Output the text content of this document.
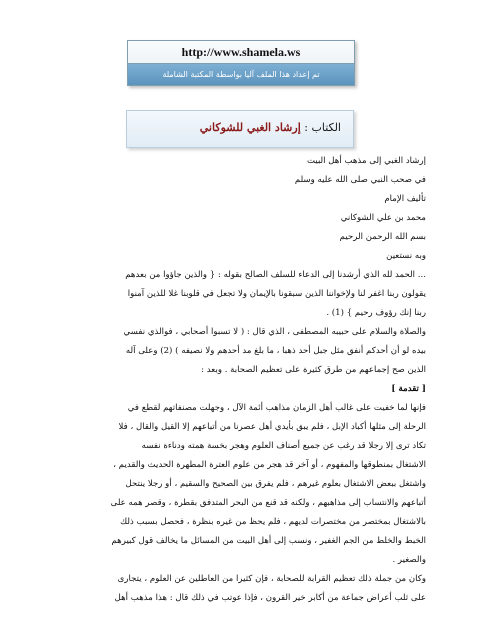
http://www.shamela.ws
تم إعداد هذا الملف آليا بواسطة المكتبة الشاملة
الكتاب : إرشاد الغبي للشوكاني

إرشاد الغبي إلى مذهب أهل البيت

في صحب النبي صلى الله عليه وسلم

تأليف الإمام

محمد بن علي الشوكاني

بسم الله الرحمن الرحيم

وبه نستعين

... الحمد لله الذي أرشدنا إلى الدعاء للسلف الصالح بقوله : { والذين جاؤوا من بعدهم

يقولون ربنا اغفر لنا ولإخواننا الذين سبقونا بالإيمان ولا تجعل في قلوبنا غلا للذين آمنوا

ربنا إنك رؤوف رحيم } (1) .

والصلاة والسلام على حبيبه المصطفى ، الذي قال : ( لا تسبوا أصحابي ، فوالذي نفسي

بيده لو أن أحدكم أنفق مثل جبل أحد ذهبا ، ما بلغ مد أحدهم ولا نصيفه ) (2) وعلى آله

الذين صح إجماعهم من طرق كثيرة على تعظيم الصحابة . وبعد :

[ تقدمة ]

فإنها لما خفيت على غالب أهل الزمان مذاهب أئمة الآل ، وجهلت مصنفاتهم لقطع في

الرحلة إلى مثلها أكباد الإبل ، فلم يبق بأيدي أهل عصرنا من أتباعهم إلا القيل والقال ، فلا

تكاد ترى إلا رجلا قد رغب عن جميع أصناف العلوم وهجر بخسة همته ودناءة نفسه

الاشتغال بمنطوقها والمفهوم ، أو آخر قد هجر من علوم العترة المطهرة الحديث والقديم ،

واشتغل ببعض الاشتغال بعلوم غيرهم ، فلم يفرق بين الصحيح والسقيم ، أو رجلا ينتحل

أتباعهم والانتساب إلى مذاهبهم ، ولكنه قد قنع من البحر المتدفق بقطرة ، وقصر همه على

بالاشتغال بمختصر من مختصرات لديهم ، فلم يحظ من غيره بنظرة ، فحصل بسبب ذلك

الخبط والخلط من الجم الغفير ، ونسب إلى أهل البيت من المسائل ما يخالف قول كبيرهم

والصغير .

وكان من جملة ذلك تعظيم القرابة للصحابة ، فإن كثيرا من العاطلين عن العلوم ، يتجارى

على ثلب أعراض جماعة من أكابر خير القرون ، فإذا عوتب في ذلك قال : هذا مذهب أهل
